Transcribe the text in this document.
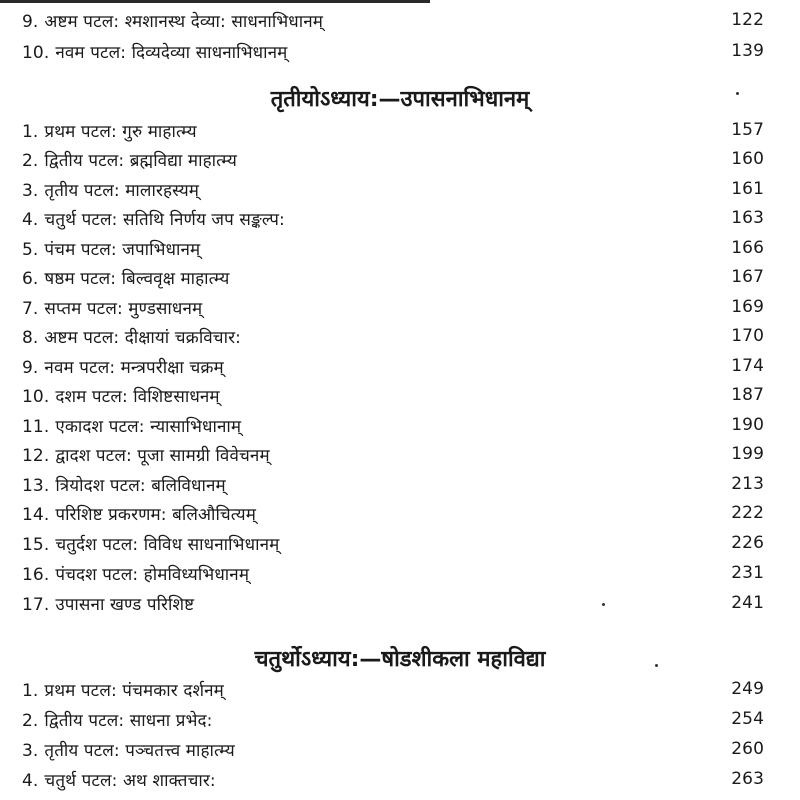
9. अष्टम पटल: श्मशानस्थ देव्या: साधनाभिधानम्	122
10. नवम पटल: दिव्यदेव्या साधनाभिधानम्	139
तृतीयोऽध्याय:—उपासनाभिधानम्
1. प्रथम पटल: गुरु माहात्म्य	157
2. द्वितीय पटल: ब्रह्मविद्या माहात्म्य	160
3. तृतीय पटल: मालारहस्यम्	161
4. चतुर्थ पटल: सतिथि निर्णय जप सङ्कल्प:	163
5. पंचम पटल: जपाभिधानम्	166
6. षष्ठम पटल: बिल्ववृक्ष माहात्म्य	167
7. सप्तम पटल: मुण्डसाधनम्	169
8. अष्टम पटल: दीक्षायां चक्रविचार:	170
9. नवम पटल: मन्त्रपरीक्षा चक्रम्	174
10. दशम पटल: विशिष्टसाधनम्	187
11. एकादश पटल: न्यासाभिधानाम्	190
12. द्वादश पटल: पूजा सामग्री विवेचनम्	199
13. त्रियोदश पटल: बलिविधानम्	213
14. परिशिष्ट प्रकरणम: बलिऔचित्यम्	222
15. चतुर्दश पटल: विविध साधनाभिधानम्	226
16. पंचदश पटल: होमविध्यभिधानम्	231
17. उपासना खण्ड परिशिष्ट	241
चतुर्थोऽध्याय:—षोडशीकला महाविद्या
1. प्रथम पटल: पंचमकार दर्शनम्	249
2. द्वितीय पटल: साधना प्रभेद:	254
3. तृतीय पटल: पञ्चतत्त्व माहात्म्य	260
4. चतुर्थ पटल: अथ शाक्तचार:	263
